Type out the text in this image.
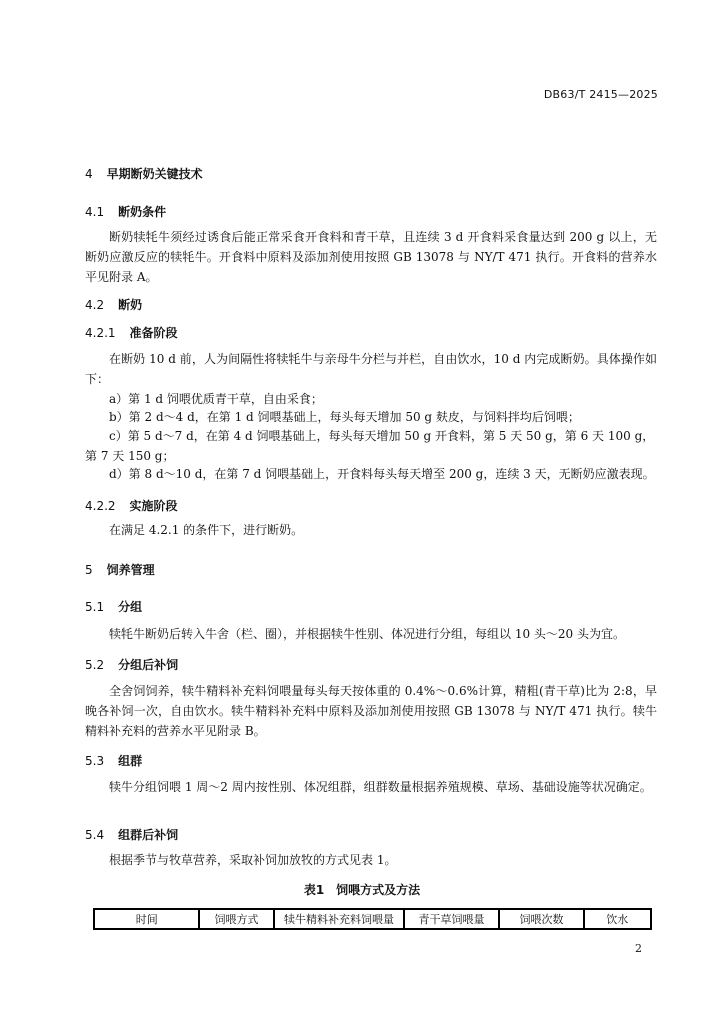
DB63/T 2415—2025
4 早期断奶关键技术
4.1 断奶条件
断奶犊牦牛须经过诱食后能正常采食开食料和青干草，且连续 3 d 开食料采食量达到 200 g 以上，无断奶应激反应的犊牦牛。开食料中原料及添加剂使用按照 GB 13078 与 NY/T 471 执行。开食料的营养水平见附录 A。
4.2 断奶
4.2.1 准备阶段
在断奶 10 d 前，人为间隔性将犊牦牛与亲母牛分栏与并栏，自由饮水，10 d 内完成断奶。具体操作如下：
a）第 1 d 饲喂优质青干草，自由采食；
b）第 2 d～4 d，在第 1 d 饲喂基础上，每头每天增加 50 g 麸皮，与饲料拌均后饲喂；
c）第 5 d～7 d，在第 4 d 饲喂基础上，每头每天增加 50 g 开食料，第 5 天 50 g，第 6 天 100 g，第 7 天 150 g；
d）第 8 d～10 d，在第 7 d 饲喂基础上，开食料每头每天增至 200 g，连续 3 天，无断奶应激表现。
4.2.2 实施阶段
在满足 4.2.1 的条件下，进行断奶。
5 饲养管理
5.1 分组
犊牦牛断奶后转入牛舍（栏、圈），并根据犊牛性别、体况进行分组，每组以 10 头～20 头为宜。
5.2 分组后补饲
全舍饲饲养，犊牛精料补充料饲喂量每头每天按体重的 0.4%～0.6%计算，精粗(青干草)比为 2:8，早晚各补饲一次，自由饮水。犊牛精料补充料中原料及添加剂使用按照 GB 13078 与 NY/T 471 执行。犊牛精料补充料的营养水平见附录 B。
5.3 组群
犊牛分组饲喂 1 周～2 周内按性别、体况组群，组群数量根据养殖规模、草场、基础设施等状况确定。
5.4 组群后补饲
根据季节与牧草营养，采取补饲加放牧的方式见表 1。
表1　饲喂方式及方法
时间	饲喂方式	犊牛精料补充料饲喂量	青干草饲喂量	饲喂次数	饮水
2
